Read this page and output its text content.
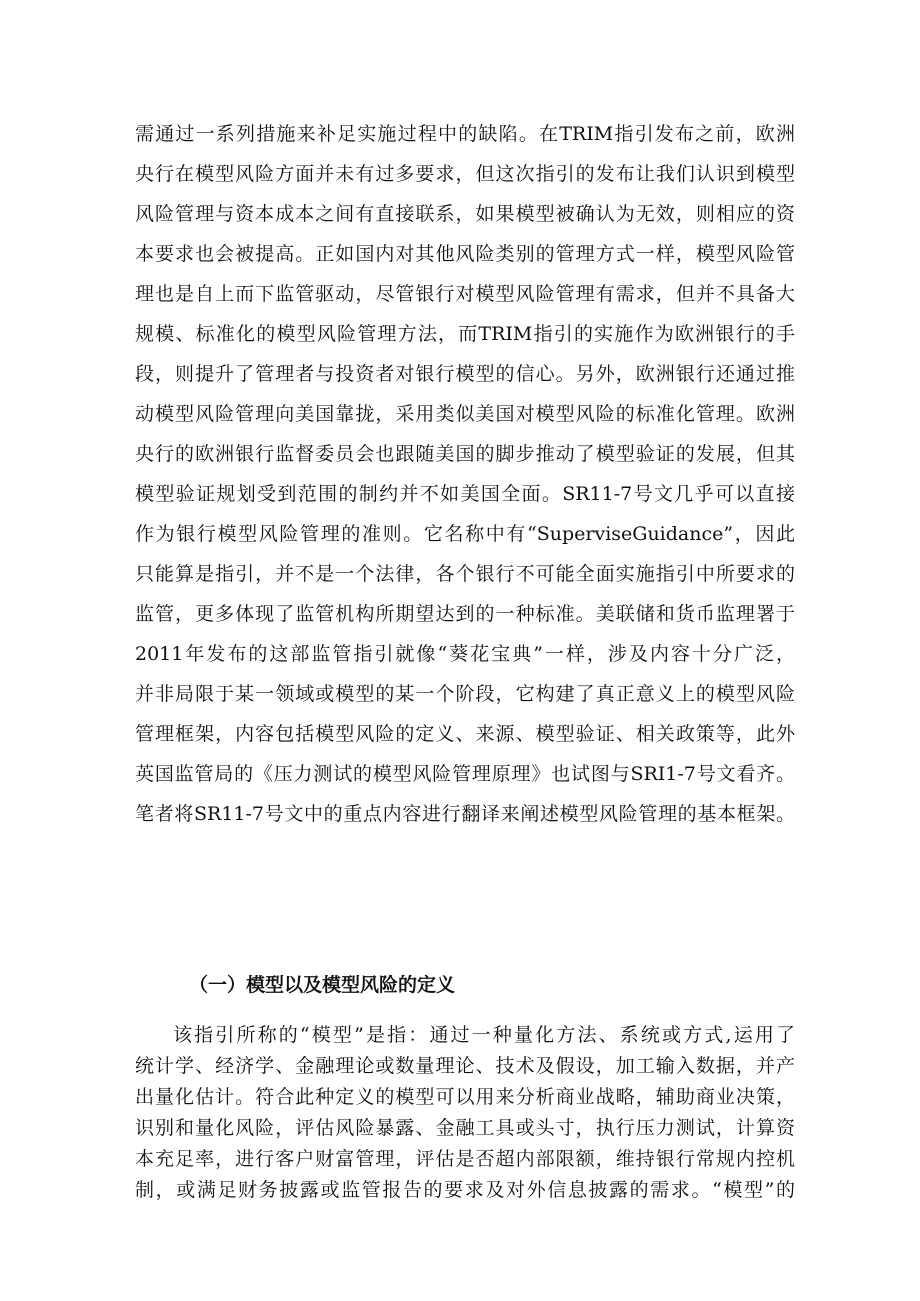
需通过一系列措施来补足实施过程中的缺陷。在TRIM指引发布之前，欧洲
央行在模型风险方面并未有过多要求，但这次指引的发布让我们认识到模型
风险管理与资本成本之间有直接联系，如果模型被确认为无效，则相应的资
本要求也会被提高。正如国内对其他风险类别的管理方式一样，模型风险管
理也是自上而下监管驱动，尽管银行对模型风险管理有需求，但并不具备大
规模、标准化的模型风险管理方法，而TRIM指引的实施作为欧洲银行的手
段，则提升了管理者与投资者对银行模型的信心。另外，欧洲银行还通过推
动模型风险管理向美国靠拢，采用类似美国对模型风险的标准化管理。欧洲
央行的欧洲银行监督委员会也跟随美国的脚步推动了模型验证的发展，但其
模型验证规划受到范围的制约并不如美国全面。SR11-7号文几乎可以直接
作为银行模型风险管理的准则。它名称中有“SuperviseGuidance”，因此
只能算是指引，并不是一个法律，各个银行不可能全面实施指引中所要求的
监管，更多体现了监管机构所期望达到的一种标准。美联储和货币监理署于
2011年发布的这部监管指引就像“葵花宝典”一样，涉及内容十分广泛，
并非局限于某一领域或模型的某一个阶段，它构建了真正意义上的模型风险
管理框架，内容包括模型风险的定义、来源、模型验证、相关政策等，此外
英国监管局的《压力测试的模型风险管理原理》也试图与SRI1-7号文看齐。
笔者将SR11-7号文中的重点内容进行翻译来阐述模型风险管理的基本框架。
（一）模型以及模型风险的定义
该指引所称的“模型”是指：通过一种量化方法、系统或方式,运用了
统计学、经济学、金融理论或数量理论、技术及假设，加工输入数据，并产
出量化估计。符合此种定义的模型可以用来分析商业战略，辅助商业决策，
识别和量化风险，评估风险暴露、金融工具或头寸，执行压力测试，计算资
本充足率，进行客户财富管理，评估是否超内部限额，维持银行常规内控机
制，或满足财务披露或监管报告的要求及对外信息披露的需求。“模型”的
